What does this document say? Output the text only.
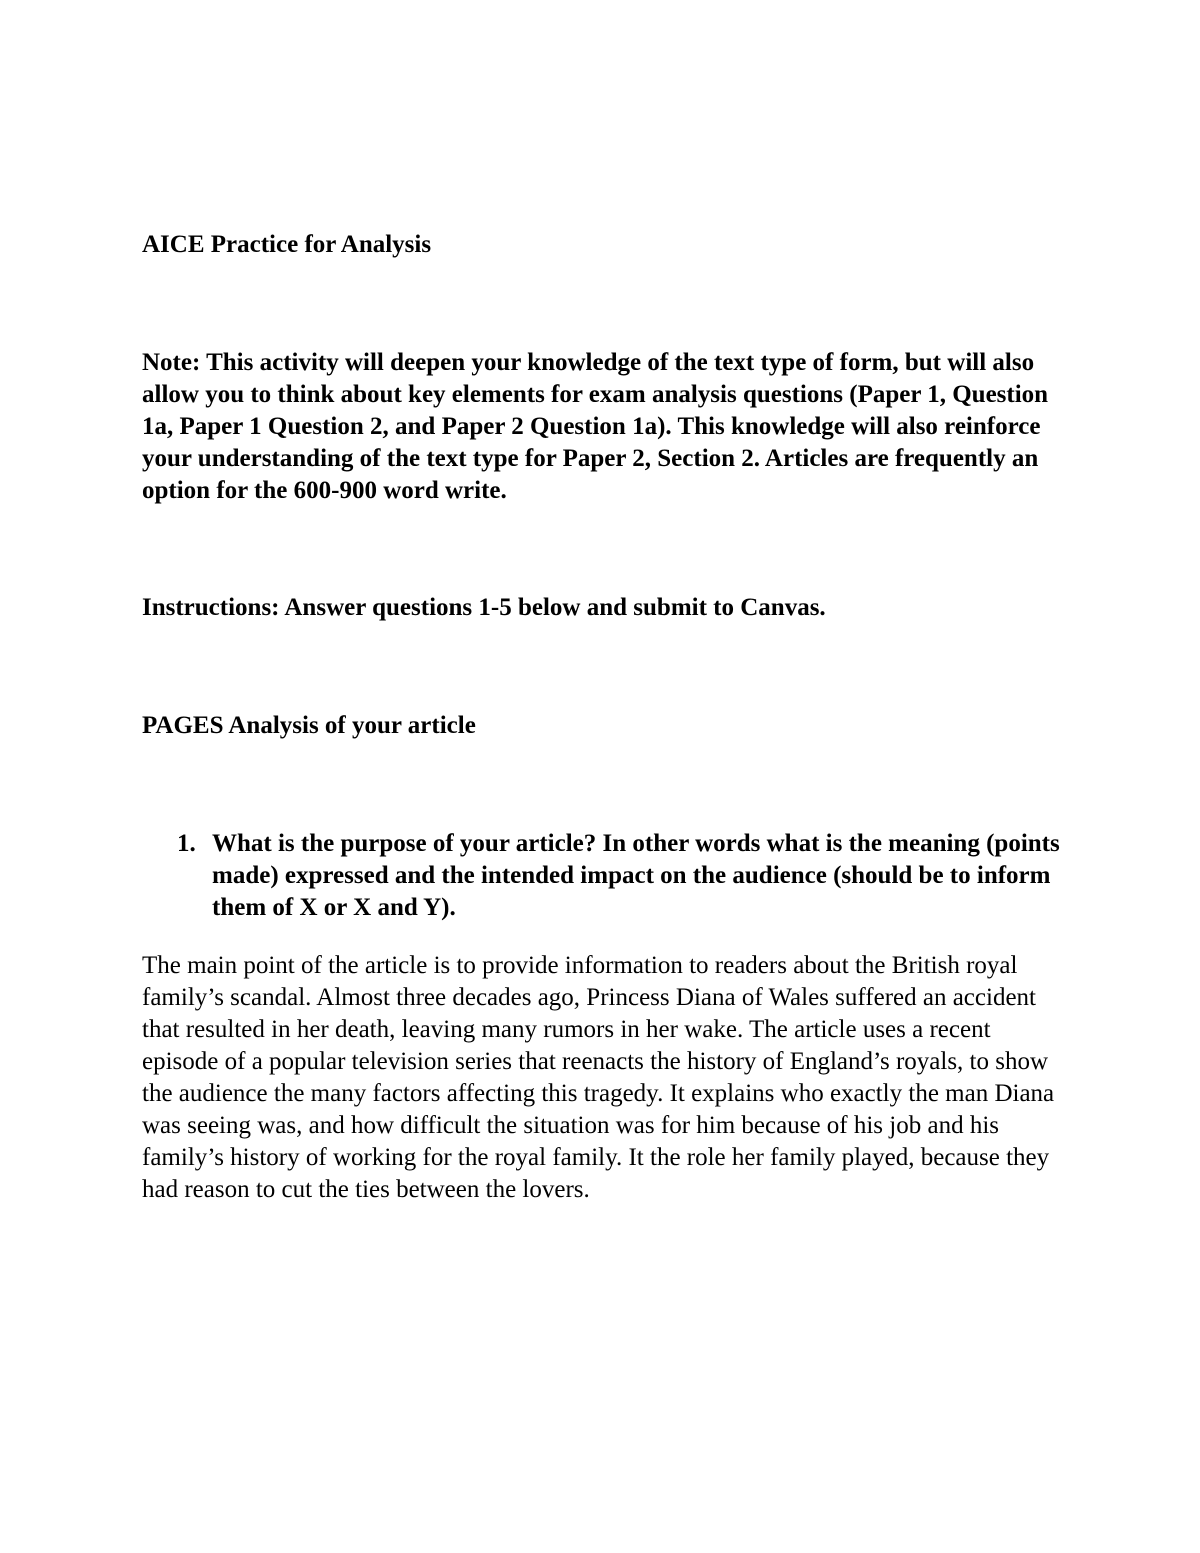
AICE Practice for Analysis

Note: This activity will deepen your knowledge of the text type of form, but will also allow you to think about key elements for exam analysis questions (Paper 1, Question 1a, Paper 1 Question 2, and Paper 2 Question 1a). This knowledge will also reinforce your understanding of the text type for Paper 2, Section 2. Articles are frequently an option for the 600-900 word write.

Instructions: Answer questions 1-5 below and submit to Canvas.

PAGES Analysis of your article

1. What is the purpose of your article? In other words what is the meaning (points made) expressed and the intended impact on the audience (should be to inform them of X or X and Y).

The main point of the article is to provide information to readers about the British royal family’s scandal. Almost three decades ago, Princess Diana of Wales suffered an accident that resulted in her death, leaving many rumors in her wake. The article uses a recent episode of a popular television series that reenacts the history of England’s royals, to show the audience the many factors affecting this tragedy. It explains who exactly the man Diana was seeing was, and how difficult the situation was for him because of his job and his family’s history of working for the royal family. It the role her family played, because they had reason to cut the ties between the lovers.
